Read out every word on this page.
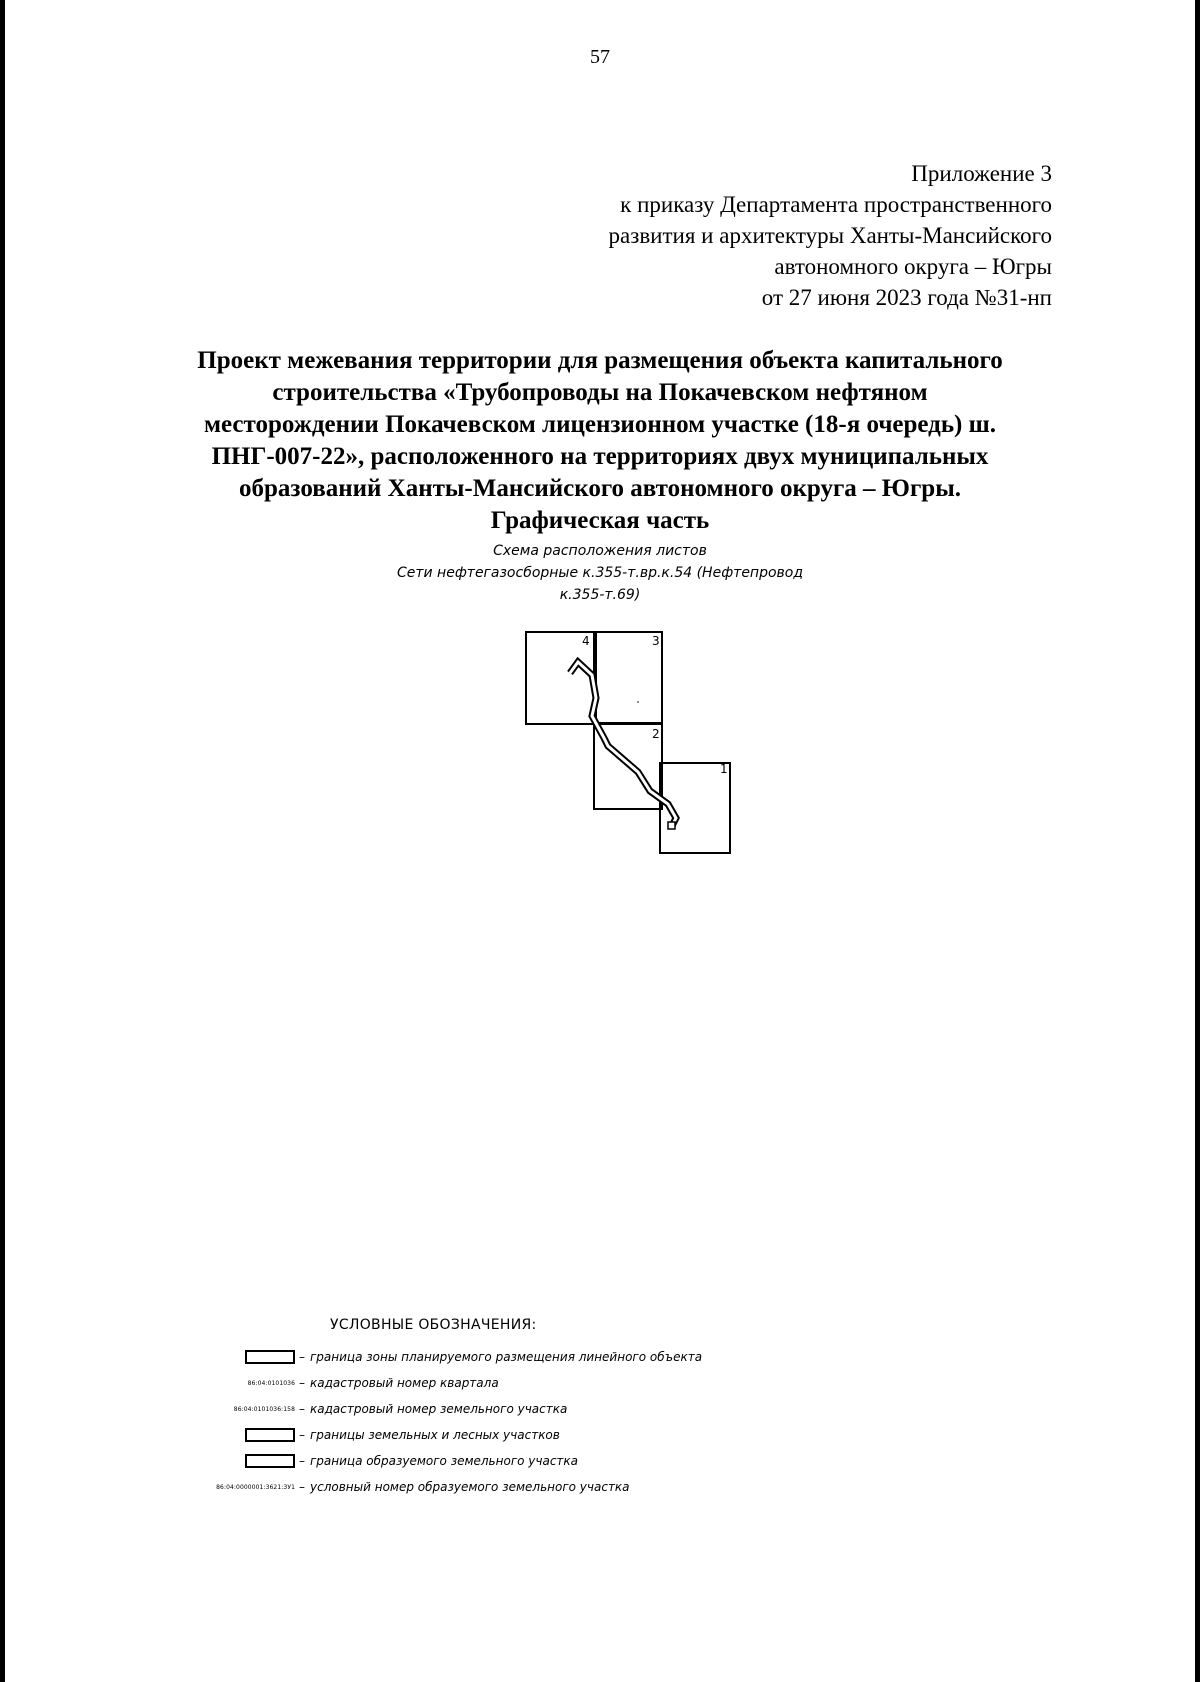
57
Приложение 3
к приказу Департамента пространственного
развития и архитектуры Ханты-Мансийского
автономного округа – Югры
от 27 июня 2023 года №31-нп
Проект межевания территории для размещения объекта капитального
строительства «Трубопроводы на Покачевском нефтяном
месторождении Покачевском лицензионном участке (18-я очередь) ш.
ПНГ-007-22», расположенного на территориях двух муниципальных
образований Ханты-Мансийского автономного округа – Югры.
Графическая часть
Схема расположения листов
Сети нефтегазосборные к.355-т.вр.к.54 (Нефтепровод
к.355-т.69)
1
2
3
4
УСЛОВНЫЕ ОБОЗНАЧЕНИЯ:
– граница зоны планируемого размещения линейного объекта
86:04:0101036 – кадастровый номер квартала
86:04:0101036:158 – кадастровый номер земельного участка
– границы земельных и лесных участков
– граница образуемого земельного участка
86:04:0000001:3621:ЗУ1 – условный номер образуемого земельного участка
